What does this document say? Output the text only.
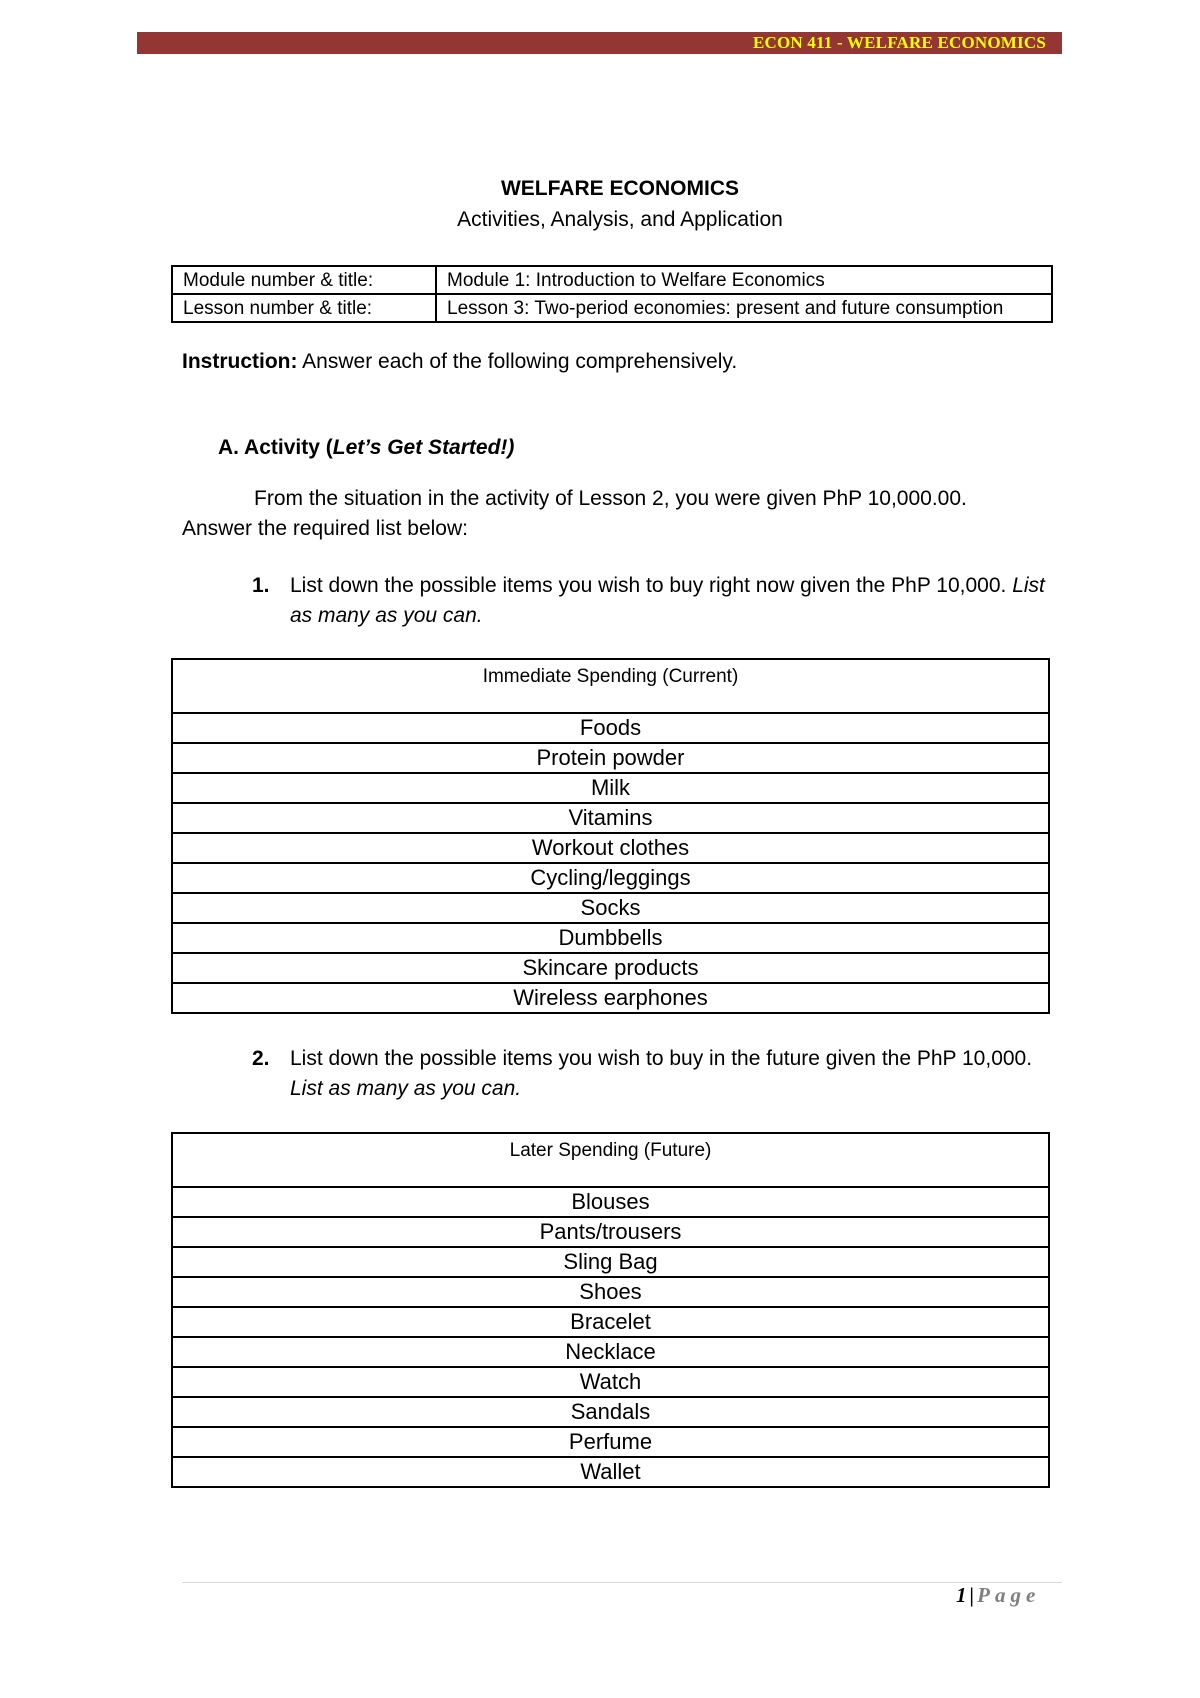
ECON 411 - WELFARE ECONOMICS
WELFARE ECONOMICS
Activities, Analysis, and Application
Module number & title:	Module 1: Introduction to Welfare Economics
Lesson number & title:	Lesson 3: Two-period economies: present and future consumption
Instruction: Answer each of the following comprehensively.
A. Activity (Let’s Get Started!)
From the situation in the activity of Lesson 2, you were given PhP 10,000.00. Answer the required list below:
1. List down the possible items you wish to buy right now given the PhP 10,000. List as many as you can.
Immediate Spending (Current)
Foods
Protein powder
Milk
Vitamins
Workout clothes
Cycling/leggings
Socks
Dumbbells
Skincare products
Wireless earphones
2. List down the possible items you wish to buy in the future given the PhP 10,000. List as many as you can.
Later Spending (Future)
Blouses
Pants/trousers
Sling Bag
Shoes
Bracelet
Necklace
Watch
Sandals
Perfume
Wallet
1 | Page
